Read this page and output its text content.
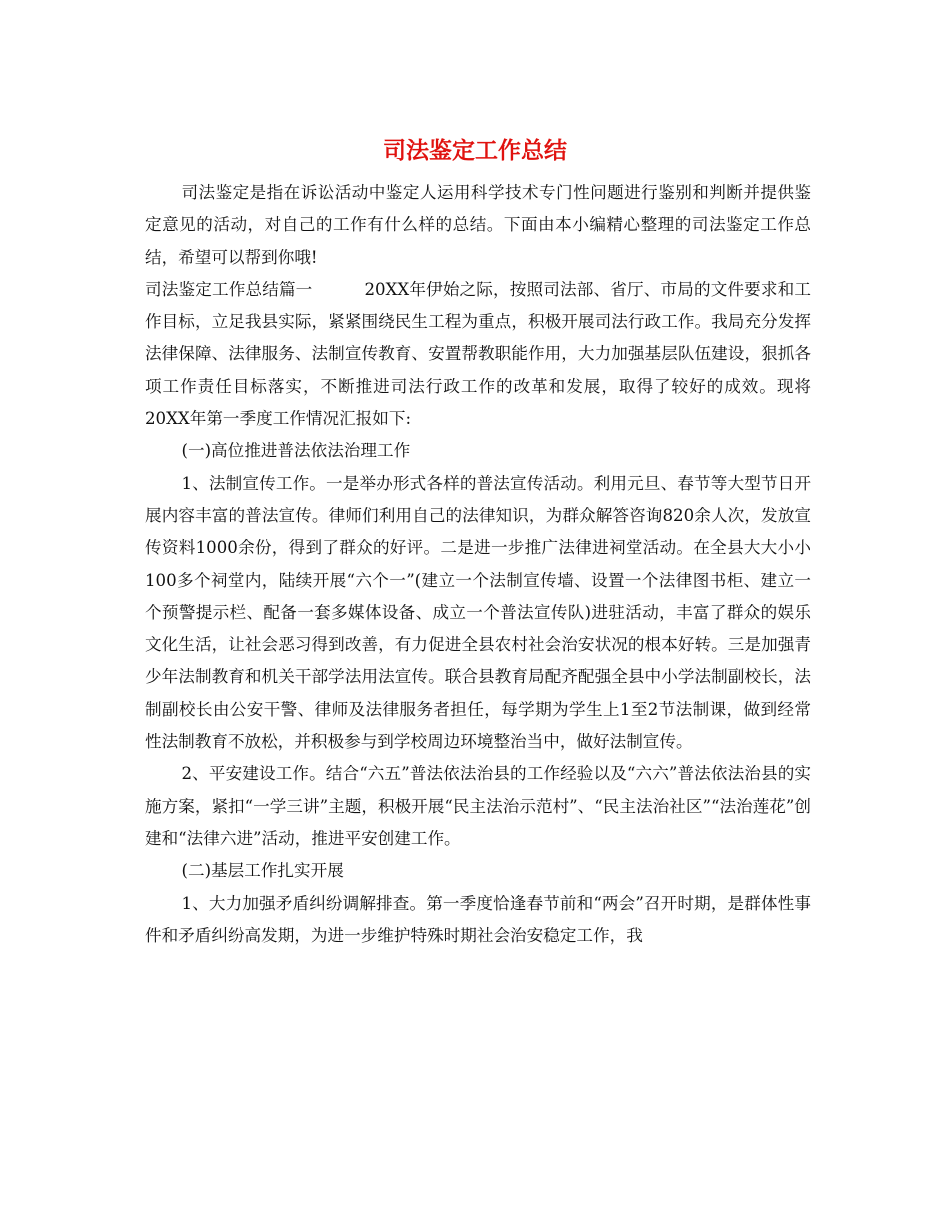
司法鉴定工作总结

司法鉴定是指在诉讼活动中鉴定人运用科学技术专门性问题进行鉴别和判断并提供鉴定意见的活动，对自己的工作有什么样的总结。下面由本小编精心整理的司法鉴定工作总结，希望可以帮到你哦!

司法鉴定工作总结篇一	20XX年伊始之际，按照司法部、省厅、市局的文件要求和工作目标，立足我县实际，紧紧围绕民生工程为重点，积极开展司法行政工作。我局充分发挥法律保障、法律服务、法制宣传教育、安置帮教职能作用，大力加强基层队伍建设，狠抓各项工作责任目标落实，不断推进司法行政工作的改革和发展，取得了较好的成效。现将20XX年第一季度工作情况汇报如下:

(一)高位推进普法依法治理工作

1、法制宣传工作。一是举办形式各样的普法宣传活动。利用元旦、春节等大型节日开展内容丰富的普法宣传。律师们利用自己的法律知识，为群众解答咨询820余人次，发放宣传资料1000余份，得到了群众的好评。二是进一步推广法律进祠堂活动。在全县大大小小100多个祠堂内，陆续开展“六个一”(建立一个法制宣传墙、设置一个法律图书柜、建立一个预警提示栏、配备一套多媒体设备、成立一个普法宣传队)进驻活动，丰富了群众的娱乐文化生活，让社会恶习得到改善，有力促进全县农村社会治安状况的根本好转。三是加强青少年法制教育和机关干部学法用法宣传。联合县教育局配齐配强全县中小学法制副校长，法制副校长由公安干警、律师及法律服务者担任，每学期为学生上1至2节法制课，做到经常性法制教育不放松，并积极参与到学校周边环境整治当中，做好法制宣传。

2、平安建设工作。结合“六五”普法依法治县的工作经验以及“六六”普法依法治县的实施方案，紧扣“一学三讲”主题，积极开展“民主法治示范村”、“民主法治社区”“法治莲花”创建和“法律六进”活动，推进平安创建工作。

(二)基层工作扎实开展

1、大力加强矛盾纠纷调解排查。第一季度恰逢春节前和“两会”召开时期，是群体性事件和矛盾纠纷高发期，为进一步维护特殊时期社会治安稳定工作，我
